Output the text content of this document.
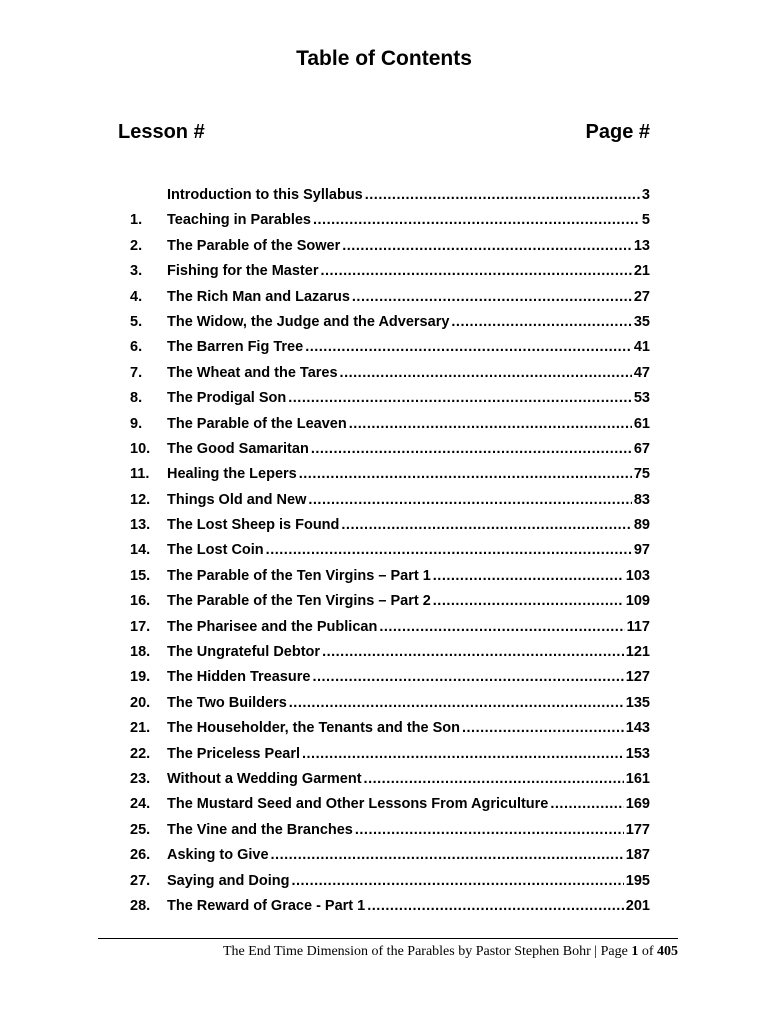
Table of Contents
Lesson #	Page #
Introduction to this Syllabus .....	3
1.	Teaching in Parables .....	5
2.	The Parable of the Sower .....	13
3.	Fishing for the Master .....	21
4.	The Rich Man and Lazarus .....	27
5.	The Widow, the Judge and the Adversary .....	35
6.	The Barren Fig Tree .....	41
7.	The Wheat and the Tares .....	47
8.	The Prodigal Son .....	53
9.	The Parable of the Leaven .....	61
10.	The Good Samaritan .....	67
11.	Healing the Lepers .....	75
12.	Things Old and New .....	83
13.	The Lost Sheep is Found .....	89
14.	The Lost Coin .....	97
15.	The Parable of the Ten Virgins – Part 1 .....	103
16.	The Parable of the Ten Virgins – Part 2 .....	109
17.	The Pharisee and the Publican .....	117
18.	The Ungrateful Debtor .....	121
19.	The Hidden Treasure .....	127
20.	The Two Builders .....	135
21.	The Householder, the Tenants and the Son .....	143
22.	The Priceless Pearl .....	153
23.	Without a Wedding Garment .....	161
24.	The Mustard Seed and Other Lessons From Agriculture .....	169
25.	The Vine and the Branches .....	177
26.	Asking to Give .....	187
27.	Saying and Doing .....	195
28.	The Reward of Grace - Part 1 .....	201
The End Time Dimension of the Parables by Pastor Stephen Bohr | Page 1 of 405
